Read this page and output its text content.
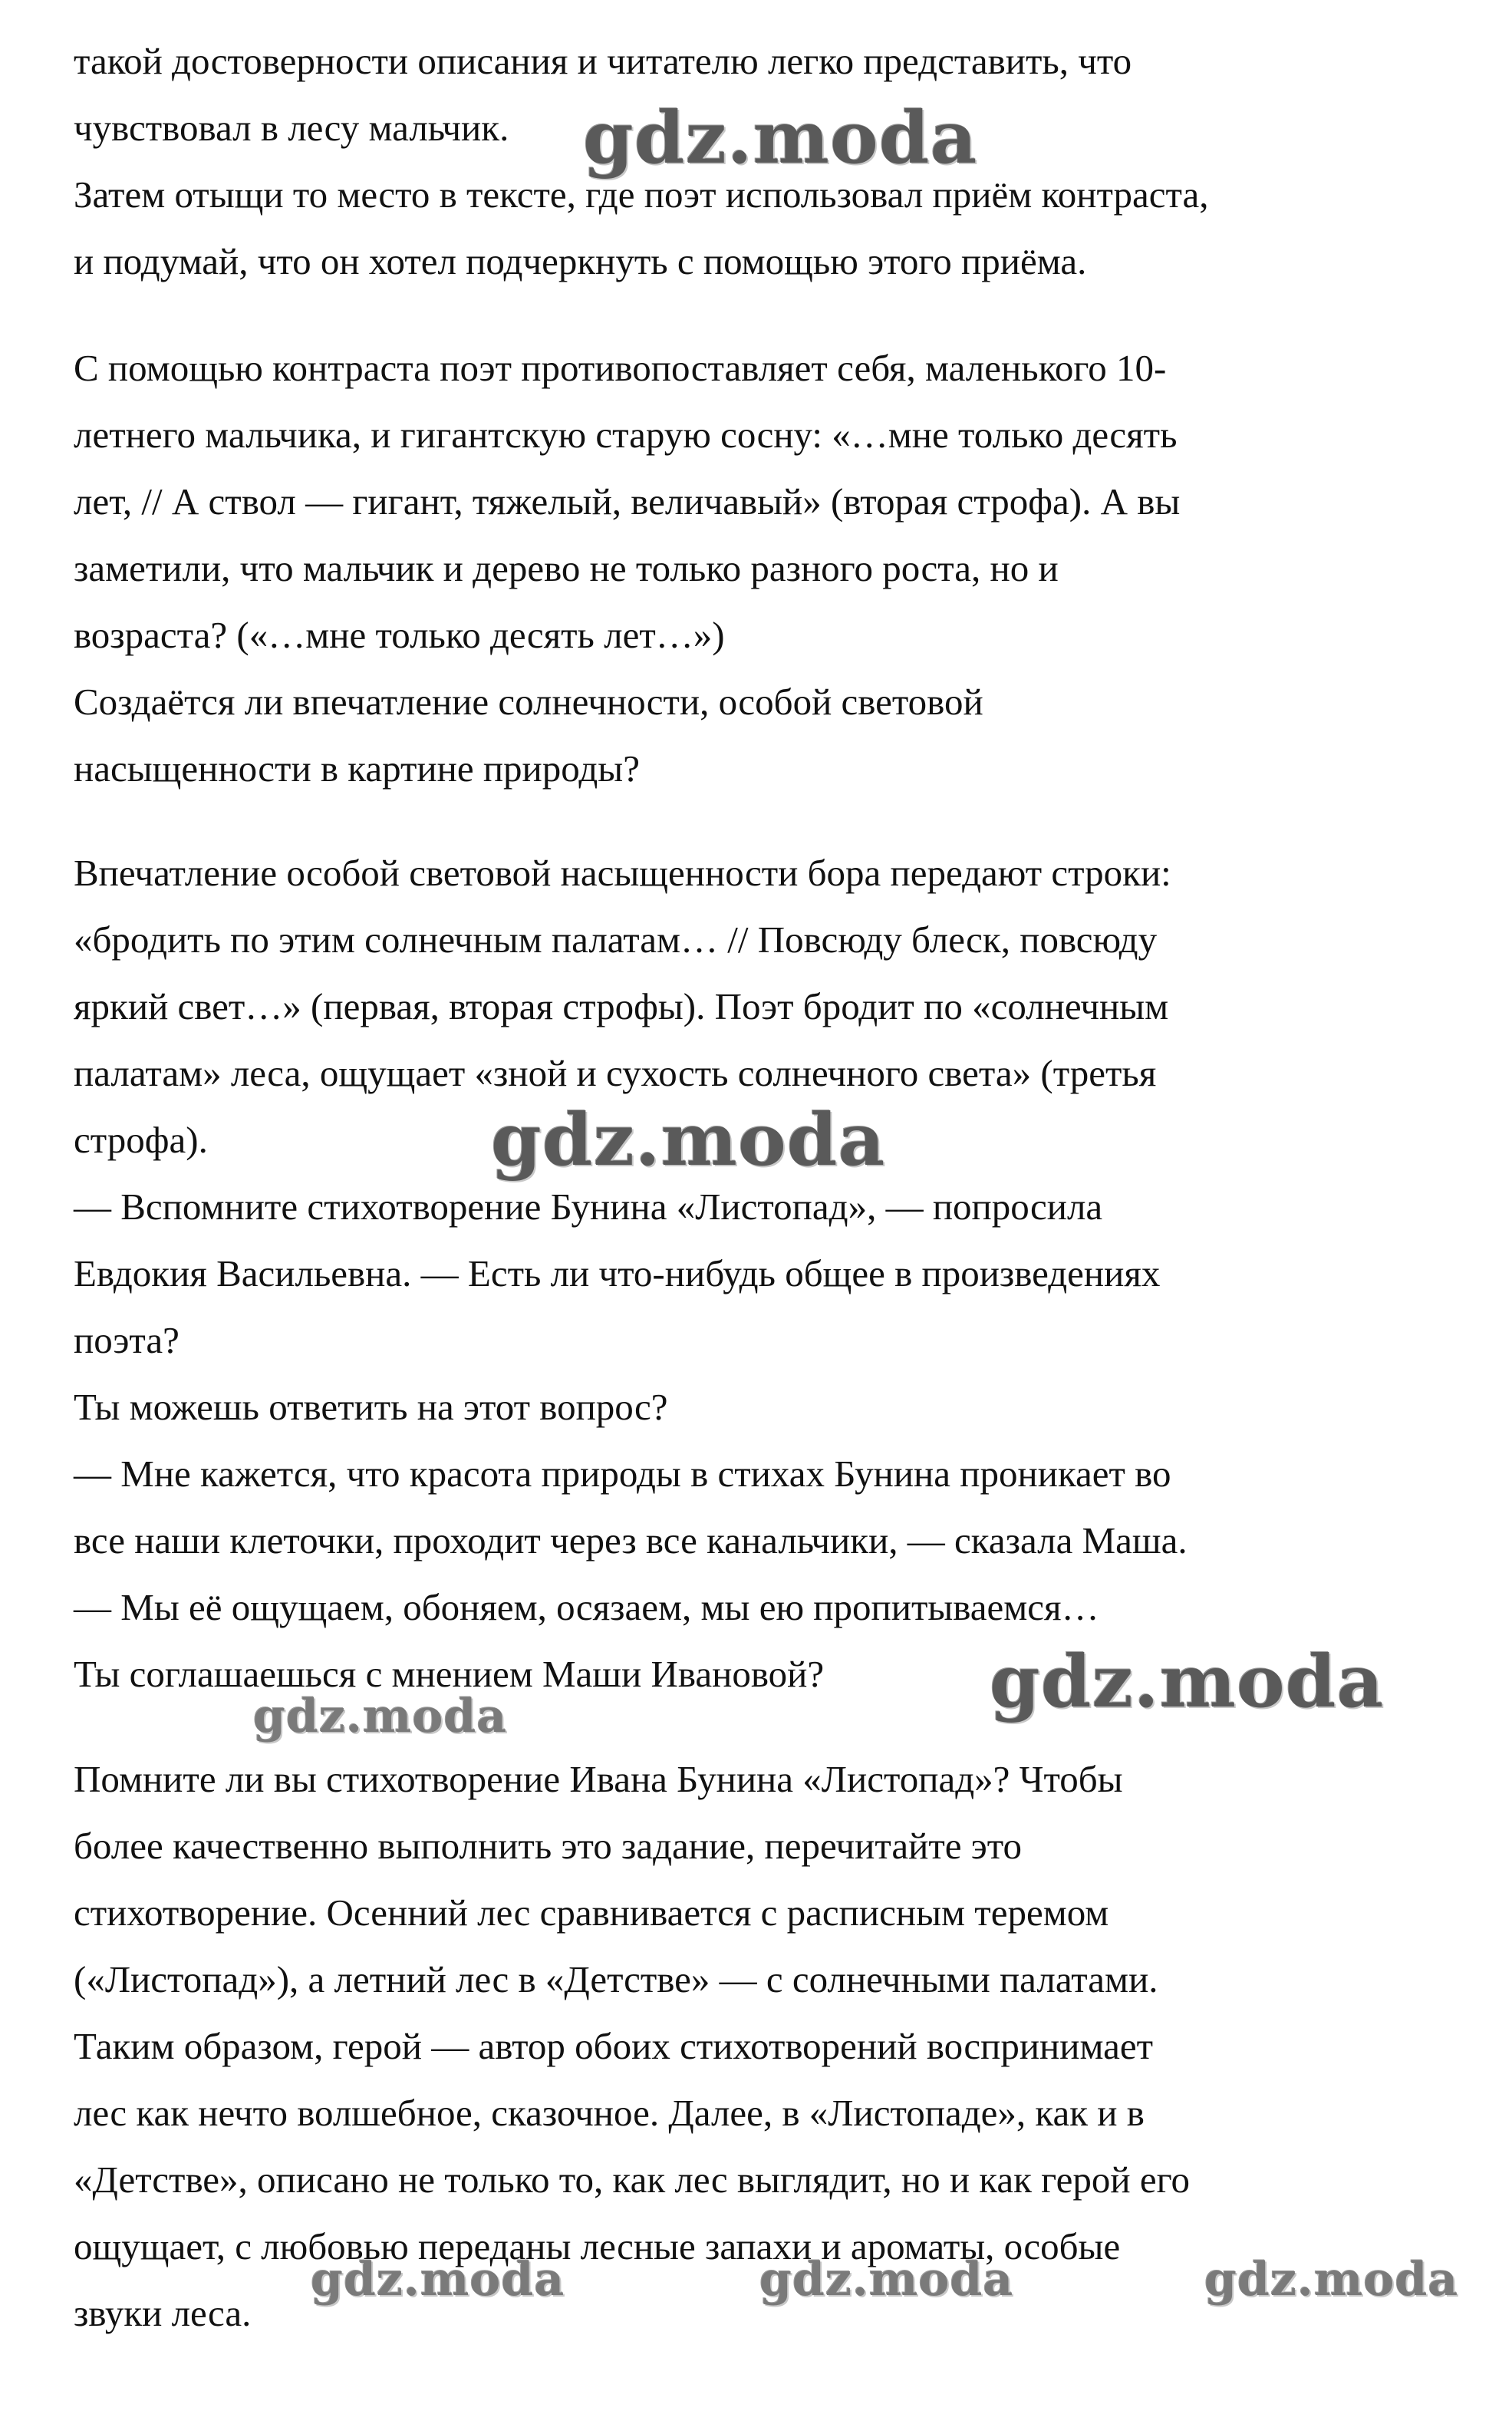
такой достоверности описания и читателю легко представить, что

чувствовал в лесу мальчик.

Затем отыщи то место в тексте, где поэт использовал приём контраста,

и подумай, что он хотел подчеркнуть с помощью этого приёма.

С помощью контраста поэт противопоставляет себя, маленького 10-

летнего мальчика, и гигантскую старую сосну: «…мне только десять

лет, // А ствол — гигант, тяжелый, величавый» (вторая строфа). А вы

заметили, что мальчик и дерево не только разного роста, но и

возраста? («…мне только десять лет…»)

Создаётся ли впечатление солнечности, особой световой

насыщенности в картине природы?

Впечатление особой световой насыщенности бора передают строки:

«бродить по этим солнечным палатам… // Повсюду блеск, повсюду

яркий свет…» (первая, вторая строфы). Поэт бродит по «солнечным

палатам» леса, ощущает «зной и сухость солнечного света» (третья

строфа).

— Вспомните стихотворение Бунина «Листопад», — попросила

Евдокия Васильевна. — Есть ли что-нибудь общее в произведениях

поэта?

Ты можешь ответить на этот вопрос?

— Мне кажется, что красота природы в стихах Бунина проникает во

все наши клеточки, проходит через все канальчики, — сказала Маша.

— Мы её ощущаем, обоняем, осязаем, мы ею пропитываемся…

Ты соглашаешься с мнением Маши Ивановой?

Помните ли вы стихотворение Ивана Бунина «Листопад»? Чтобы

более качественно выполнить это задание, перечитайте это

стихотворение. Осенний лес сравнивается с расписным теремом

(«Листопад»), а летний лес в «Детстве» — с солнечными палатами.

Таким образом, герой — автор обоих стихотворений воспринимает

лес как нечто волшебное, сказочное. Далее, в «Листопаде», как и в

«Детстве», описано не только то, как лес выглядит, но и как герой его

ощущает, с любовью переданы лесные запахи и ароматы, особые

звуки леса.

gdz.moda
gdz.moda
gdz.moda
gdz.moda
gdz.moda	gdz.moda	gdz.moda
